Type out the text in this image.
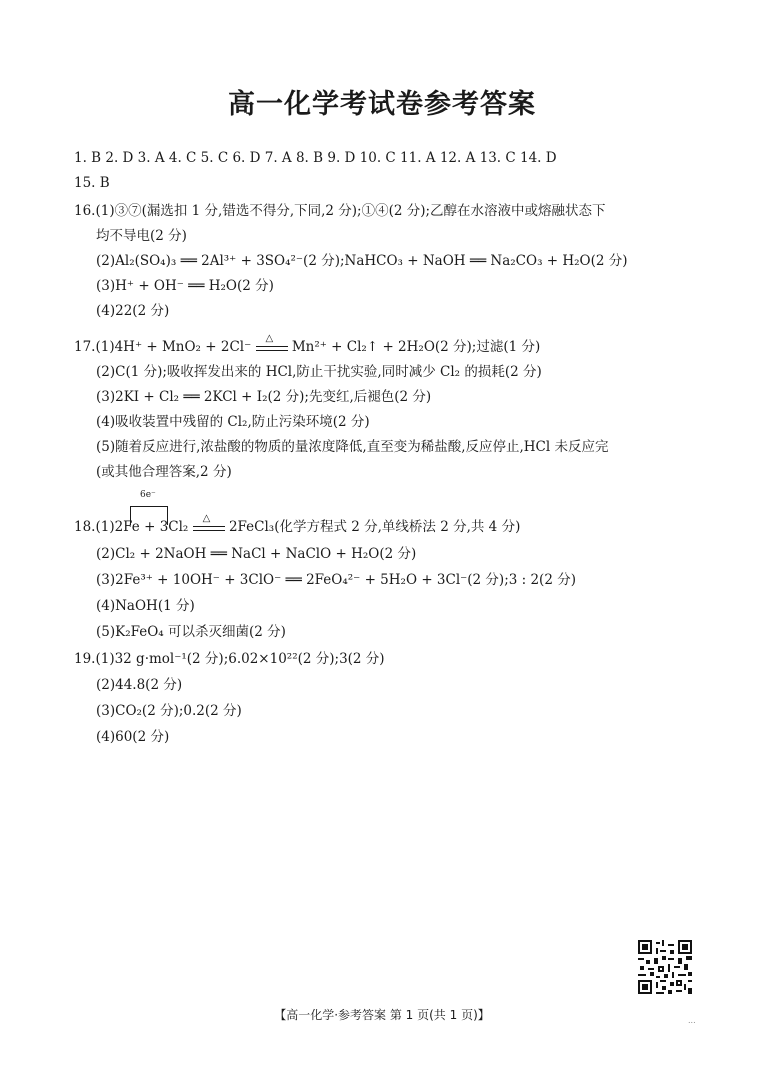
高一化学考试卷参考答案
1. B 2. D 3. A 4. C 5. C 6. D 7. A 8. B 9. D 10. C 11. A 12. A 13. C 14. D
15. B
16.(1)③⑦(漏选扣 1 分,错选不得分,下同,2 分);①④(2 分);乙醇在水溶液中或熔融状态下
均不导电(2 分)
(2)Al₂(SO₄)₃ ══ 2Al³⁺ + 3SO₄²⁻(2 分);NaHCO₃ + NaOH ══ Na₂CO₃ + H₂O(2 分)
(3)H⁺ + OH⁻ ══ H₂O(2 分)
(4)22(2 分)
17.(1)4H⁺ + MnO₂ + 2Cl⁻
△
Mn²⁺ + Cl₂↑ + 2H₂O(2 分);过滤(1 分)
(2)C(1 分);吸收挥发出来的 HCl,防止干扰实验,同时减少 Cl₂ 的损耗(2 分)
(3)2KI + Cl₂ ══ 2KCl + I₂(2 分);先变红,后褪色(2 分)
(4)吸收装置中残留的 Cl₂,防止污染环境(2 分)
(5)随着反应进行,浓盐酸的物质的量浓度降低,直至变为稀盐酸,反应停止,HCl 未反应完
(或其他合理答案,2 分)
6e⁻
18.(1)2Fe + 3Cl₂
△
2FeCl₃(化学方程式 2 分,单线桥法 2 分,共 4 分)
(2)Cl₂ + 2NaOH ══ NaCl + NaClO + H₂O(2 分)
(3)2Fe³⁺ + 10OH⁻ + 3ClO⁻ ══ 2FeO₄²⁻ + 5H₂O + 3Cl⁻(2 分);3 : 2(2 分)
(4)NaOH(1 分)
(5)K₂FeO₄ 可以杀灭细菌(2 分)
19.(1)32 g·mol⁻¹(2 分);6.02×10²²(2 分);3(2 分)
(2)44.8(2 分)
(3)CO₂(2 分);0.2(2 分)
(4)60(2 分)
【高一化学·参考答案 第 1 页(共 1 页)】	...
